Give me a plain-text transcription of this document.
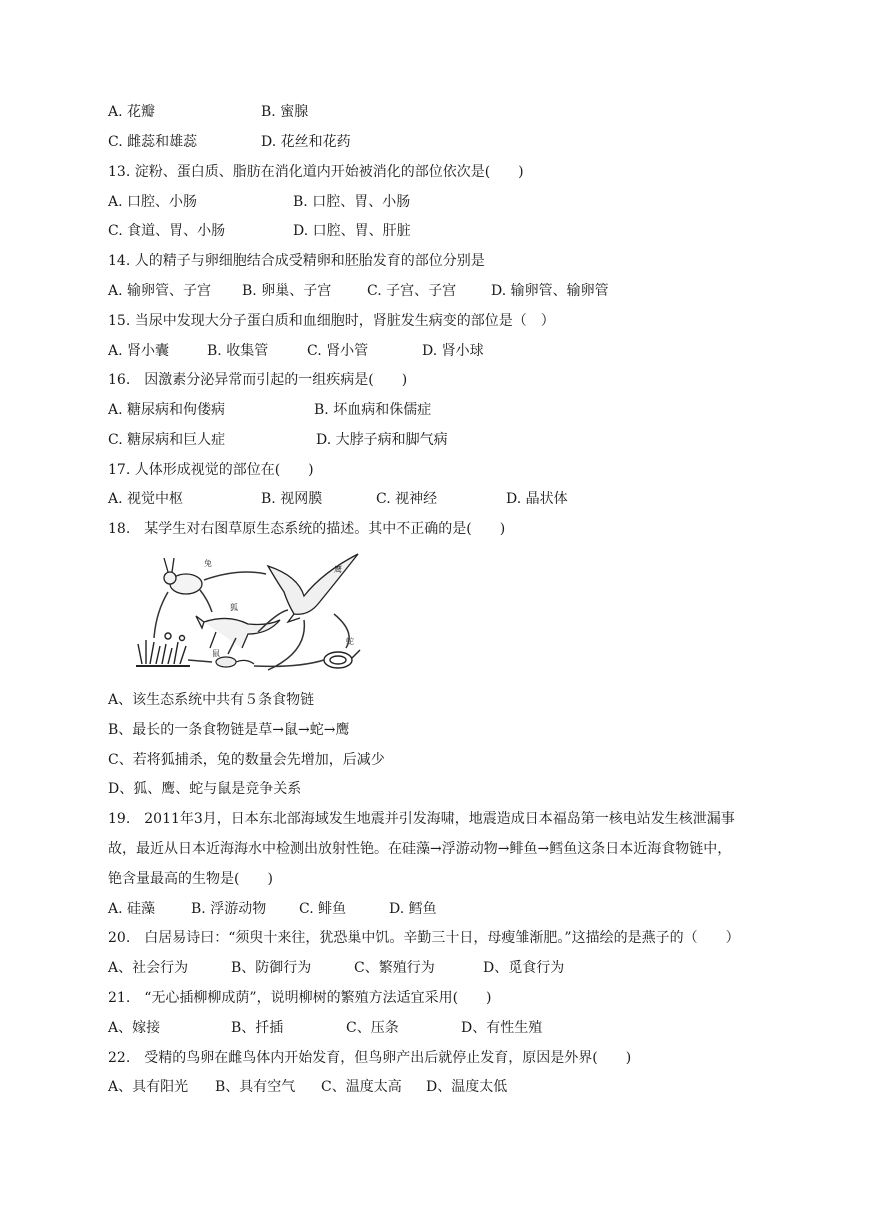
A. 花瓣	B. 蜜腺
C. 雌蕊和雄蕊	D. 花丝和花药
13. 淀粉、蛋白质、脂肪在消化道内开始被消化的部位依次是(　　)
A. 口腔、小肠	B. 口腔、胃、小肠
C. 食道、胃、小肠	D. 口腔、胃、肝脏
14. 人的精子与卵细胞结合成受精卵和胚胎发育的部位分别是
A. 输卵管、子宫 B. 卵巢、子宫	C. 子宫、子宫 D. 输卵管、输卵管
15. 当尿中发现大分子蛋白质和血细胞时，肾脏发生病变的部位是（　）
A. 肾小囊	B. 收集管	C. 肾小管	D. 肾小球
16.　因激素分泌异常而引起的一组疾病是(　　)
A. 糖尿病和佝偻病	B. 坏血病和侏儒症
C. 糖尿病和巨人症	D. 大脖子病和脚气病
17. 人体形成视觉的部位在(　　)
A. 视觉中枢	B. 视网膜	C. 视神经	D. 晶状体
18.　某学生对右图草原生态系统的描述。其中不正确的是(　　)
兔
鹰
狐
鼠
蛇
A、该生态系统中共有５条食物链
B、最长的一条食物链是草→鼠→蛇→鹰
C、若将狐捕杀，兔的数量会先增加，后减少
D、狐、鹰、蛇与鼠是竞争关系
19.　2011年3月，日本东北部海域发生地震并引发海啸，地震造成日本福岛第一核电站发生核泄漏事
故，最近从日本近海海水中检测出放射性铯。在硅藻→浮游动物→鲱鱼→鳕鱼这条日本近海食物链中，
铯含量最高的生物是(　　)
A. 硅藻	B. 浮游动物 C. 鲱鱼	D. 鳕鱼
20.　白居易诗曰：“须臾十来往，犹恐巢中饥。辛勤三十日，母瘦雏渐肥。”这描绘的是燕子的（　　）
A、社会行为	B、防御行为	C、繁殖行为	D、觅食行为
21.　“无心插柳柳成荫”，说明柳树的繁殖方法适宜采用(　　)
A、嫁接	B、扦插	C、压条	D、有性生殖
22.　受精的鸟卵在雌鸟体内开始发育，但鸟卵产出后就停止发育，原因是外界(　　)
A、具有阳光 B、具有空气 C、温度太高 D、温度太低
